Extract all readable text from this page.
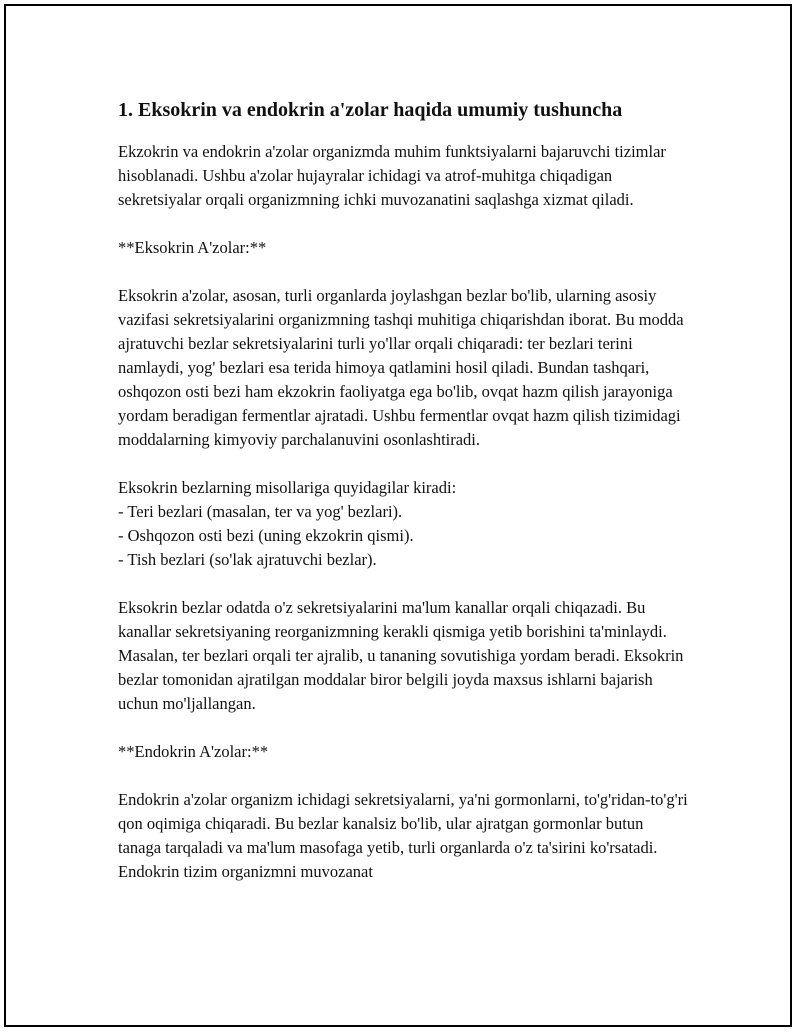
1. Eksokrin va endokrin a'zolar haqida umumiy tushuncha

Ekzokrin va endokrin a'zolar organizmda muhim funktsiyalarni bajaruvchi tizimlar hisoblanadi. Ushbu a'zolar hujayralar ichidagi va atrof-muhitga chiqadigan sekretsiyalar orqali organizmning ichki muvozanatini saqlashga xizmat qiladi.

**Eksokrin A'zolar:**

Eksokrin a'zolar, asosan, turli organlarda joylashgan bezlar bo'lib, ularning asosiy vazifasi sekretsiyalarini organizmning tashqi muhitiga chiqarishdan iborat. Bu modda ajratuvchi bezlar sekretsiyalarini turli yo'llar orqali chiqaradi: ter bezlari terini namlaydi, yog' bezlari esa terida himoya qatlamini hosil qiladi. Bundan tashqari, oshqozon osti bezi ham ekzokrin faoliyatga ega bo'lib, ovqat hazm qilish jarayoniga yordam beradigan fermentlar ajratadi. Ushbu fermentlar ovqat hazm qilish tizimidagi moddalarning kimyoviy parchalanuvini osonlashtiradi.

Eksokrin bezlarning misollariga quyidagilar kiradi:

- Teri bezlari (masalan, ter va yog' bezlari).

- Oshqozon osti bezi (uning ekzokrin qismi).

- Tish bezlari (so'lak ajratuvchi bezlar).

Eksokrin bezlar odatda o'z sekretsiyalarini ma'lum kanallar orqali chiqazadi. Bu kanallar sekretsiyaning reorganizmning kerakli qismiga yetib borishini ta'minlaydi. Masalan, ter bezlari orqali ter ajralib, u tananing sovutishiga yordam beradi. Eksokrin bezlar tomonidan ajratilgan moddalar biror belgili joyda maxsus ishlarni bajarish uchun mo'ljallangan.

**Endokrin A'zolar:**

Endokrin a'zolar organizm ichidagi sekretsiyalarni, ya'ni gormonlarni, to'g'ridan-to'g'ri qon oqimiga chiqaradi. Bu bezlar kanalsiz bo'lib, ular ajratgan gormonlar butun tanaga tarqaladi va ma'lum masofaga yetib, turli organlarda o'z ta'sirini ko'rsatadi. Endokrin tizim organizmni muvozanat
